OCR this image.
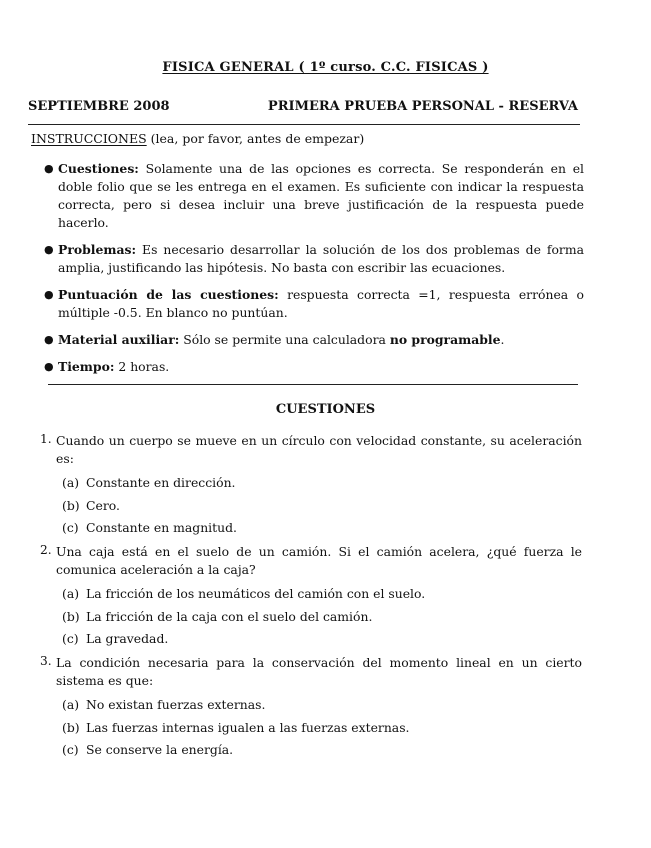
FISICA GENERAL ( 1º curso. C.C. FISICAS )
SEPTIEMBRE 2008	PRIMERA PRUEBA PERSONAL - RESERVA
INSTRUCCIONES (lea, por favor, antes de empezar)
● Cuestiones: Solamente una de las opciones es correcta. Se responderán en el doble folio que se les entrega en el examen. Es suficiente con indicar la respuesta correcta, pero si desea incluir una breve justificación de la respuesta puede hacerlo.
● Problemas: Es necesario desarrollar la solución de los dos problemas de forma amplia, justificando las hipótesis. No basta con escribir las ecuaciones.
● Puntuación de las cuestiones: respuesta correcta =1, respuesta errónea o múltiple -0.5. En blanco no puntúan.
● Material auxiliar: Sólo se permite una calculadora no programable.
● Tiempo: 2 horas.
CUESTIONES
1. Cuando un cuerpo se mueve en un círculo con velocidad constante, su aceleración es:
(a) Constante en dirección.
(b) Cero.
(c) Constante en magnitud.
2. Una caja está en el suelo de un camión. Si el camión acelera, ¿qué fuerza le comunica aceleración a la caja?
(a) La fricción de los neumáticos del camión con el suelo.
(b) La fricción de la caja con el suelo del camión.
(c) La gravedad.
3. La condición necesaria para la conservación del momento lineal en un cierto sistema es que:
(a) No existan fuerzas externas.
(b) Las fuerzas internas igualen a las fuerzas externas.
(c) Se conserve la energía.
